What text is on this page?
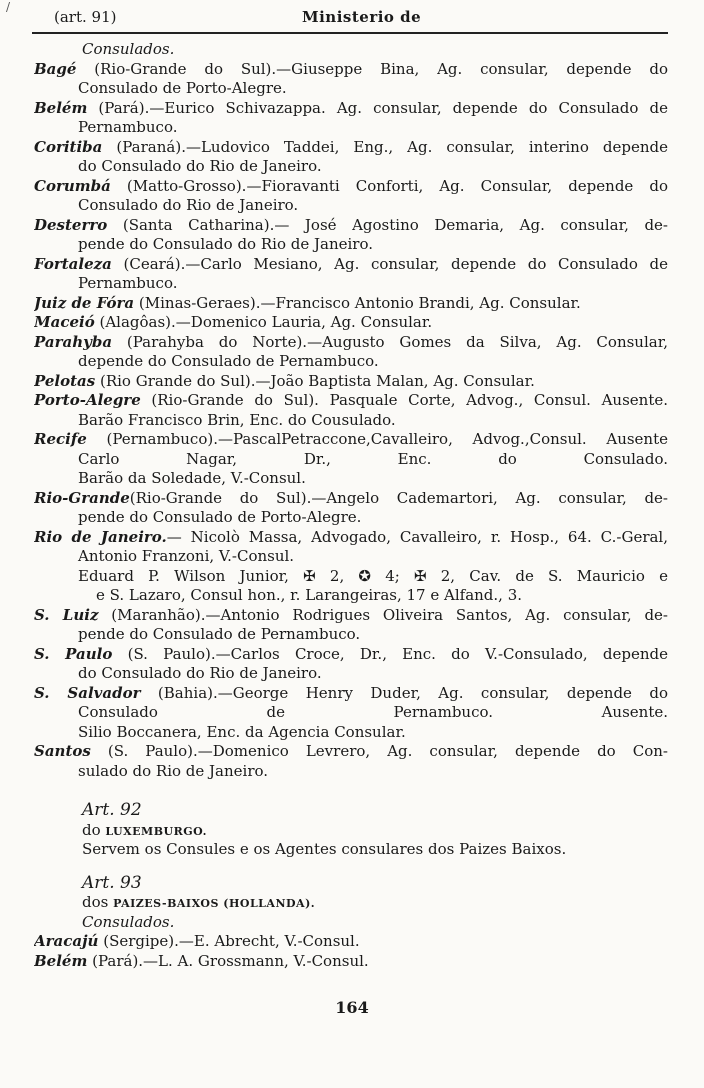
/
(art. 91)	Ministerio de
Consulados.
Bagé (Rio-Grande do Sul).—Giuseppe Bina, Ag. consular, depende do
Consulado de Porto-Alegre.
Belém (Pará).—Eurico Schivazappa. Ag. consular, depende do Consulado de
Pernambuco.
Coritiba (Paraná).—Ludovico Taddei, Eng., Ag. consular, interino depende
do Consulado do Rio de Janeiro.
Corumbá (Matto-Grosso).—Fioravanti Conforti, Ag. Consular, depende do
Consulado do Rio de Janeiro.
Desterro (Santa Catharina).— José Agostino Demaria, Ag. consular, de-
pende do Consulado do Rio de Janeiro.
Fortaleza (Ceará).—Carlo Mesiano, Ag. consular, depende do Consulado de
Pernambuco.
Juiz de Fóra (Minas-Geraes).—Francisco Antonio Brandi, Ag. Consular.
Maceió (Alagôas).—Domenico Lauria, Ag. Consular.
Parahyba (Parahyba do Norte).—Augusto Gomes da Silva, Ag. Consular,
depende do Consulado de Pernambuco.
Pelotas (Rio Grande do Sul).—João Baptista Malan, Ag. Consular.
Porto-Alegre (Rio-Grande do Sul). Pasquale Corte, Advog., Consul. Ausente.
Barão Francisco Brin, Enc. do Cousulado.
Recife (Pernambuco).—PascalPetraccone,Cavalleiro, Advog.,Consul. Ausente
Carlo Nagar, Dr., Enc. do Consulado.
Barão da Soledade, V.-Consul.
Rio-Grande(Rio-Grande do Sul).—Angelo Cademartori, Ag. consular, de-
pende do Consulado de Porto-Alegre.
Rio de Janeiro.— Nicolò Massa, Advogado, Cavalleiro, r. Hosp., 64. C.-Geral,
Antonio Franzoni, V.-Consul.
Eduard P. Wilson Junior, ✠ 2, ✪ 4; ✠ 2, Cav. de S. Mauricio e
e S. Lazaro, Consul hon., r. Larangeiras, 17 e Alfand., 3.
S. Luiz (Maranhão).—Antonio Rodrigues Oliveira Santos, Ag. consular, de-
pende do Consulado de Pernambuco.
S. Paulo (S. Paulo).—Carlos Croce, Dr., Enc. do V.-Consulado, depende
do Consulado do Rio de Janeiro.
S. Salvador (Bahia).—George Henry Duder, Ag. consular, depende do
Consulado de Pernambuco. Ausente.
Silio Boccanera, Enc. da Agencia Consular.
Santos (S. Paulo).—Domenico Levrero, Ag. consular, depende do Con-
sulado do Rio de Janeiro.
Art. 92
do LUXEMBURGO.
Servem os Consules e os Agentes consulares dos Paizes Baixos.
Art. 93
dos PAIZES-BAIXOS (HOLLANDA).
Consulados.
Aracajú (Sergipe).—E. Abrecht, V.-Consul.
Belém (Pará).—L. A. Grossmann, V.-Consul.
164
